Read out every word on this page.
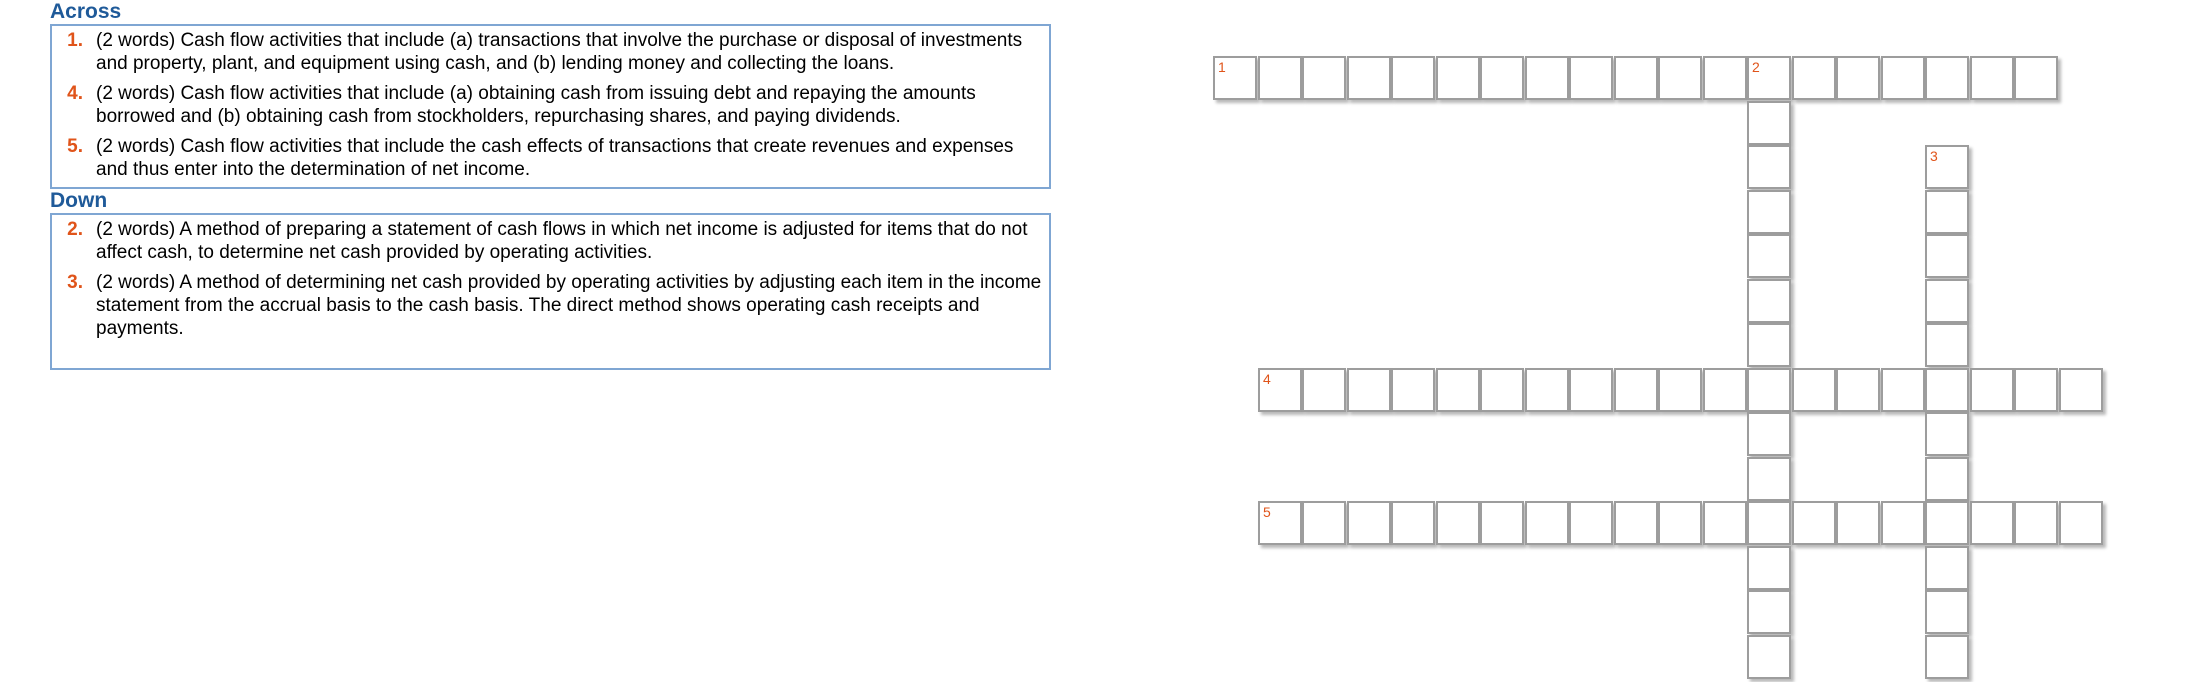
Across
1. (2 words) Cash flow activities that include (a) transactions that involve the purchase or disposal of investments and property, plant, and equipment using cash, and (b) lending money and collecting the loans.
4. (2 words) Cash flow activities that include (a) obtaining cash from issuing debt and repaying the amounts borrowed and (b) obtaining cash from stockholders, repurchasing shares, and paying dividends.
5. (2 words) Cash flow activities that include the cash effects of transactions that create revenues and expenses and thus enter into the determination of net income.
Down
2. (2 words) A method of preparing a statement of cash flows in which net income is adjusted for items that do not affect cash, to determine net cash provided by operating activities.
3. (2 words) A method of determining net cash provided by operating activities by adjusting each item in the income statement from the accrual basis to the cash basis. The direct method shows operating cash receipts and payments.
1	2
3
4
5
